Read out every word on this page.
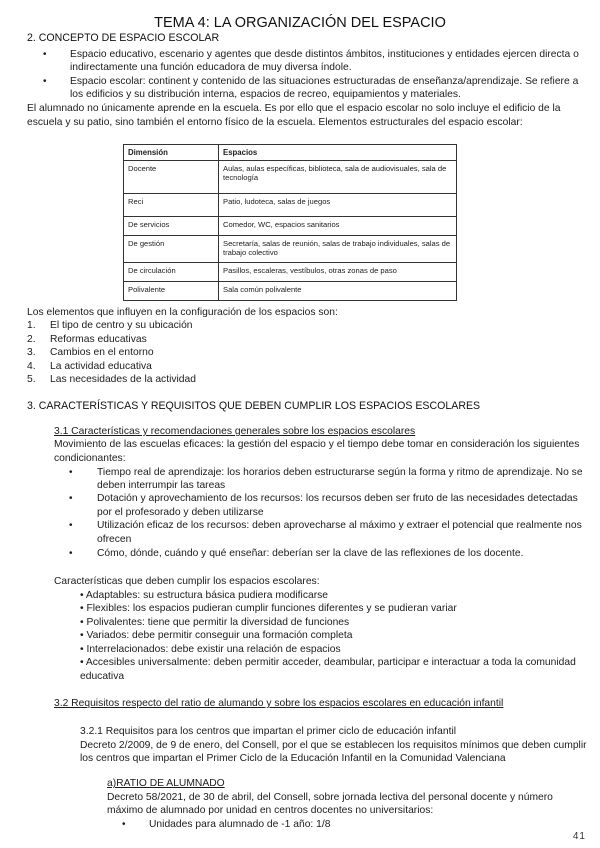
TEMA 4: LA ORGANIZACIÓN DEL ESPACIO
2. CONCEPTO DE ESPACIO ESCOLAR
• Espacio educativo, escenario y agentes que desde distintos ámbitos, instituciones y entidades ejercen directa o
indirectamente una función educadora de muy diversa índole.
• Espacio escolar: continent y contenido de las situaciones estructuradas de enseñanza/aprendizaje. Se refiere a
los edificios y su distribución interna, espacios de recreo, equipamientos y materiales.
El alumnado no únicamente aprende en la escuela. Es por ello que el espacio escolar no solo incluye el edificio de la
escuela y su patio, sino también el entorno físico de la escuela. Elementos estructurales del espacio escolar:
Dimensión	Espacios
Docente	Aulas, aulas específicas, biblioteca, sala de audiovisuales, sala de tecnología
Reci	Patio, ludoteca, salas de juegos
De servicios	Comedor, WC, espacios sanitarios
De gestión	Secretaría, salas de reunión, salas de trabajo individuales, salas de trabajo colectivo
De circulación	Pasillos, escaleras, vestíbulos, otras zonas de paso
Polivalente	Sala común polivalente
Los elementos que influyen en la configuración de los espacios son:
1. El tipo de centro y su ubicación
2. Reformas educativas
3. Cambios en el entorno
4. La actividad educativa
5. Las necesidades de la actividad
3. CARACTERÍSTICAS Y REQUISITOS QUE DEBEN CUMPLIR LOS ESPACIOS ESCOLARES
3.1 Características y recomendaciones generales sobre los espacios escolares
Movimiento de las escuelas eficaces: la gestión del espacio y el tiempo debe tomar en consideración los siguientes
condicionantes:
• Tiempo real de aprendizaje: los horarios deben estructurarse según la forma y ritmo de aprendizaje. No se
deben interrumpir las tareas
• Dotación y aprovechamiento de los recursos: los recursos deben ser fruto de las necesidades detectadas
por el profesorado y deben utilizarse
• Utilización eficaz de los recursos: deben aprovecharse al máximo y extraer el potencial que realmente nos
ofrecen
• Cómo, dónde, cuándo y qué enseñar: deberían ser la clave de las reflexiones de los docente.
Características que deben cumplir los espacios escolares:
• Adaptables: su estructura básica pudiera modificarse
• Flexibles: los espacios pudieran cumplir funciones diferentes y se pudieran variar
• Polivalentes: tiene que permitir la diversidad de funciones
• Variados: debe permitir conseguir una formación completa
• Interrelacionados: debe existir una relación de espacios
• Accesibles universalmente: deben permitir acceder, deambular, participar e interactuar a toda la comunidad
educativa
3.2 Requisitos respecto del ratio de alumando y sobre los espacios escolares en educación infantil
3.2.1 Requisitos para los centros que impartan el primer ciclo de educación infantil
Decreto 2/2009, de 9 de enero, del Consell, por el que se establecen los requisitos mínimos que deben cumplir
los centros que impartan el Primer Ciclo de la Educación Infantil en la Comunidad Valenciana
a)RATIO DE ALUMNADO
Decreto 58/2021, de 30 de abril, del Consell, sobre jornada lectiva del personal docente y número
máximo de alumnado por unidad en centros docentes no universitarios:
• Unidades para alumnado de -1 año: 1/8
41
